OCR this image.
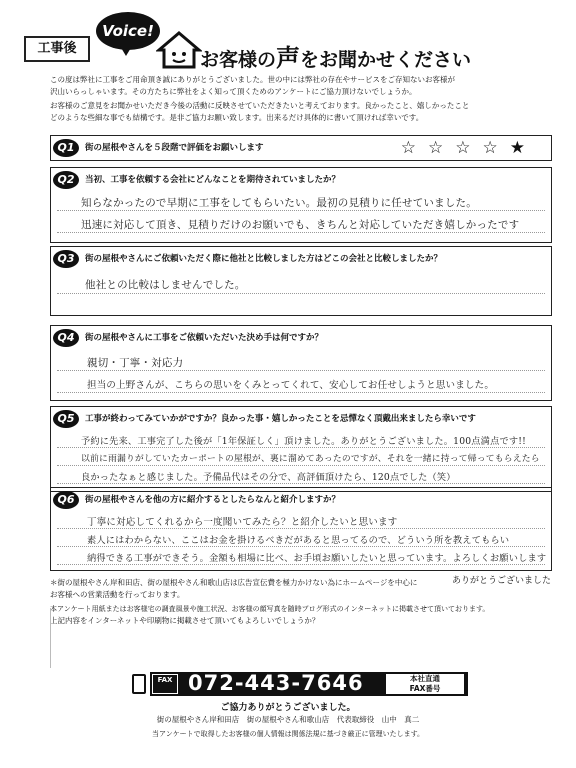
工事後
Voice!
お客様の声をお聞かせください
この度は弊社に工事をご用命頂き誠にありがとうございました。世の中には弊社の存在やサービスをご存知ないお客様が
沢山いらっしゃいます。その方たちに弊社をよく知って頂くためのアンケートにご協力頂けないでしょうか。
お客様のご意見をお聞かせいただき今後の活動に反映させていただきたいと考えております。良かったこと、嬉しかったこと
どのような些細な事でも結構です。是非ご協力お願い致します。出来るだけ具体的に書いて頂ければ幸いです。
Q1	街の屋根やさんを５段階で評価をお願いします	☆☆☆☆★
Q2	当初、工事を依頼する会社にどんなことを期待されていましたか？
知らなかったので早期に工事をしてもらいたい。最初の見積りに任せていました。
迅速に対応して頂き、見積りだけのお願いでも、きちんと対応していただき嬉しかったです
Q3	街の屋根やさんにご依頼いただく際に他社と比較しました方はどこの会社と比較しましたか？
他社との比較はしませんでした。
Q4	街の屋根やさんに工事をご依頼いただいた決め手は何ですか？
親切・丁寧・対応力
担当の上野さんが、こちらの思いをくみとってくれて、安心してお任せしようと思いました。
Q5	工事が終わってみていかがですか？良かった事・嬉しかったことを忌憚なく頂戴出来ましたら幸いです
予約に先来、工事完了した後が「1年保証しく」頂けました。ありがとうございました。100点満点です!!
以前に雨漏りがしていたカーポートの屋根が、裏に溜めてあったのですが、それを一緒に持って帰ってもらえたら
良かったなぁと感じました。予備品代はその分で、高評価頂けたら、120点でした（笑）
Q6	街の屋根やさんを他の方に紹介するとしたらなんと紹介しますか？
丁寧に対応してくれるから一度聞いてみたら？と紹介したいと思います
素人にはわからない、ここはお金を掛けるべきだがあると思ってるので、どういう所を教えてもらい
納得できる工事ができそう。金額も相場に比べ、お手頃お願いしたいと思っています。よろしくお願いします
ありがとうございました
＊街の屋根やさん岸和田店、街の屋根やさん和歌山店は広告宣伝費を極力かけない為にホームページを中心に
お客様への営業活動を行っております。
本アンケート用紙またはお客様宅の調査風景や施工状況、お客様の顔写真を随時ブログ形式のインターネットに掲載させて頂いております。
上記内容をインターネットや印刷物に掲載させて頂いてもよろしいでしょうか？
FAX 072-443-7646	本社直通
FAX番号
ご協力ありがとうございました。
街の屋根やさん岸和田店　街の屋根やさん和歌山店　代表取締役　山中　真二
当アンケートで取得したお客様の個人情報は関係法規に基づき厳正に管理いたします。
